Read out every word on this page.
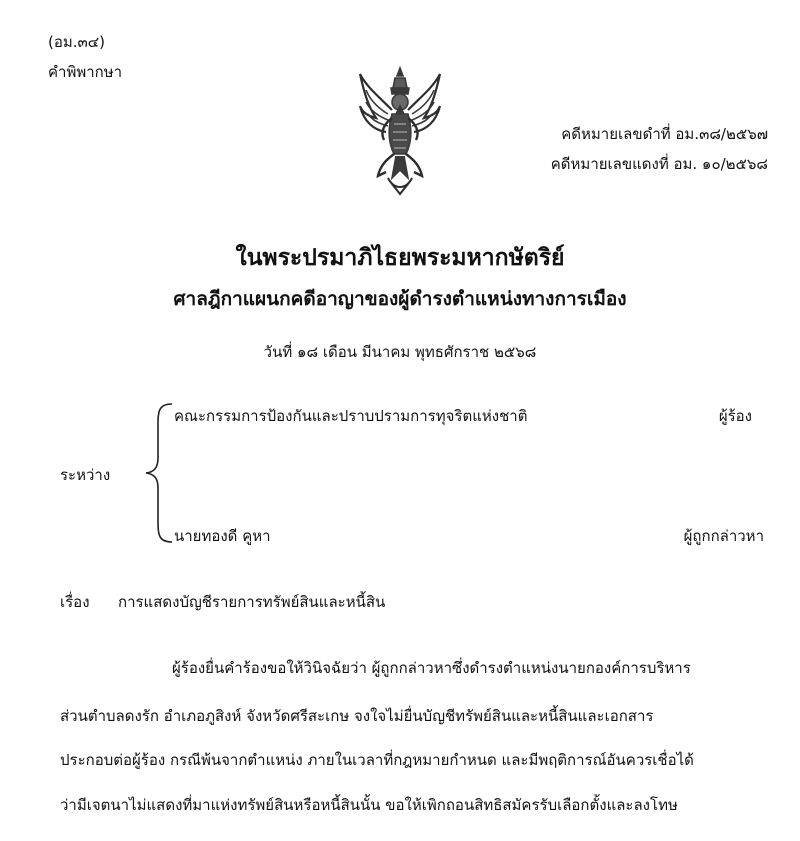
(อม.๓๔)
คำพิพากษา
คดีหมายเลขดำที่ อม.๓๘/๒๕๖๗
คดีหมายเลขแดงที่ อม. ๑๐/๒๕๖๘
ในพระปรมาภิไธยพระมหากษัตริย์
ศาลฎีกาแผนกคดีอาญาของผู้ดำรงตำแหน่งทางการเมือง
วันที่ ๑๘ เดือน มีนาคม พุทธศักราช ๒๕๖๘
ระหว่าง
คณะกรรมการป้องกันและปราบปรามการทุจริตแห่งชาติ	ผู้ร้อง
นายทองดี คูหา	ผู้ถูกกล่าวหา
เรื่อง การแสดงบัญชีรายการทรัพย์สินและหนี้สิน
ผู้ร้องยื่นคำร้องขอให้วินิจฉัยว่า ผู้ถูกกล่าวหาซึ่งดำรงตำแหน่งนายกองค์การบริหาร
ส่วนตำบลดงรัก อำเภอภูสิงห์ จังหวัดศรีสะเกษ จงใจไม่ยื่นบัญชีทรัพย์สินและหนี้สินและเอกสาร
ประกอบต่อผู้ร้อง กรณีพ้นจากตำแหน่ง ภายในเวลาที่กฎหมายกำหนด และมีพฤติการณ์อันควรเชื่อได้
ว่ามีเจตนาไม่แสดงที่มาแห่งทรัพย์สินหรือหนี้สินนั้น ขอให้เพิกถอนสิทธิสมัครรับเลือกตั้งและลงโทษ
